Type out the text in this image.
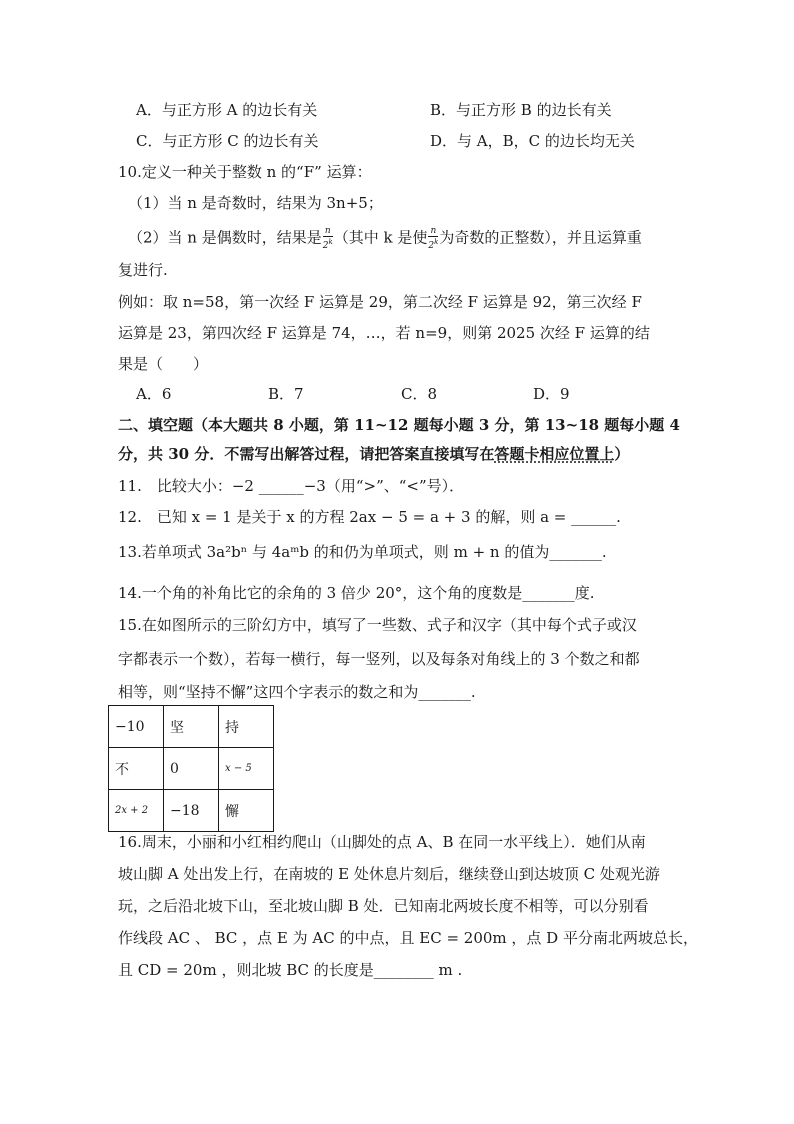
A．与正方形 A 的边长有关	B．与正方形 B 的边长有关
C．与正方形 C 的边长有关	D．与 A，B，C 的边长均无关
10.定义一种关于整数 n 的“F” 运算：
（1）当 n 是奇数时，结果为 3n+5；
（2）当 n 是偶数时，结果是 $\frac{n}{2^k}$ （其中 k 是使 $\frac{n}{2^k}$ 为奇数的正整数），并且运算重
复进行.
例如：取 n=58，第一次经 F 运算是 29，第二次经 F 运算是 92，第三次经 F
运算是 23，第四次经 F 运算是 74，…，若 n=9，则第 2025 次经 F 运算的结
果是（　　）
A．6	B．7	C．8	D．9
二、填空题（本大题共 8 小题，第 11~12 题每小题 3 分，第 13~18 题每小题 4
分，共 30 分．不需写出解答过程，请把答案直接填写在答题卡相应位置上）
11.　比较大小：−2 ______−3（用“>”、“<”号）．
12.　已知 x = 1 是关于 x 的方程 2ax − 5 = a + 3 的解，则 a = ______.
13.若单项式 3a²bⁿ 与 4aᵐb 的和仍为单项式，则 m + n 的值为_______.
14.一个角的补角比它的余角的 3 倍少 20°，这个角的度数是_______度.
15.在如图所示的三阶幻方中，填写了一些数、式子和汉字（其中每个式子或汉
字都表示一个数），若每一横行，每一竖列，以及每条对角线上的 3 个数之和都
相等，则“坚持不懈”这四个字表示的数之和为_______.
−10	坚	持
不	0	x − 5
2x + 2	−18	懈
16.周末，小丽和小红相约爬山（山脚处的点 A、B 在同一水平线上）．她们从南
坡山脚 A 处出发上行，在南坡的 E 处休息片刻后，继续登山到达坡顶 C 处观光游
玩，之后沿北坡下山，至北坡山脚 B 处．已知南北两坡长度不相等，可以分别看
作线段 AC 、 BC ，点 E 为 AC 的中点，且 EC = 200m ，点 D 平分南北两坡总长，
且 CD = 20m ，则北坡 BC 的长度是________ m .
